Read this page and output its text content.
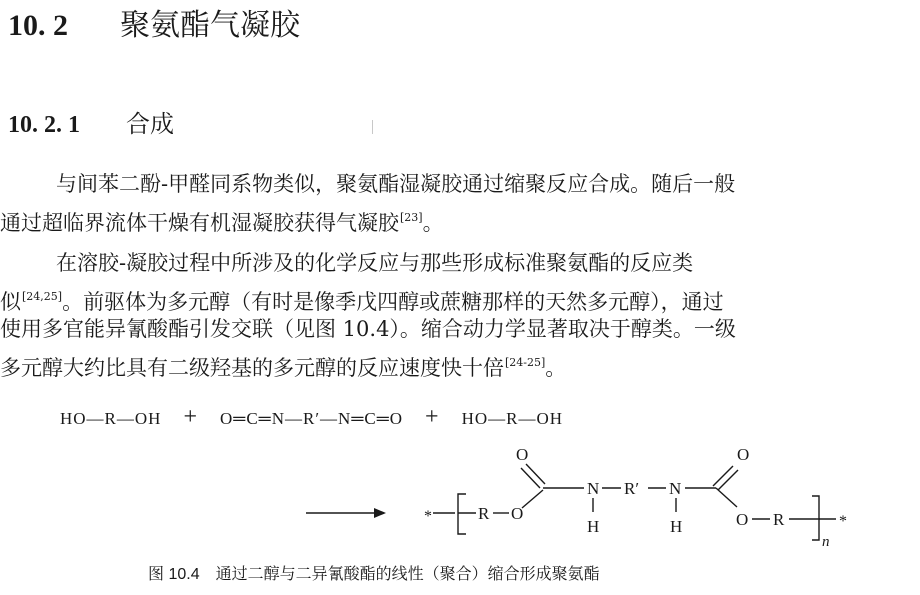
10. 2 聚氨酯气凝胶
10. 2. 1 合成
与间苯二酚-甲醛同系物类似，聚氨酯湿凝胶通过缩聚反应合成。随后一般
通过超临界流体干燥有机湿凝胶获得气凝胶[23]。
在溶胶-凝胶过程中所涉及的化学反应与那些形成标准聚氨酯的反应类
似[24,25]。前驱体为多元醇（有时是像季戊四醇或蔗糖那样的天然多元醇），通过
使用多官能异氰酸酯引发交联（见图 10.4）。缩合动力学显著取决于醇类。一级
多元醇大约比具有二级羟基的多元醇的反应速度快十倍[24-25]。
HO—R—OH + O═C═N—R′—N═C═O + HO—R—OH
*	R O
O
N
H
R′ N
H
O
O R
n
*
图 10.4 通过二醇与二异氰酸酯的线性（聚合）缩合形成聚氨酯
